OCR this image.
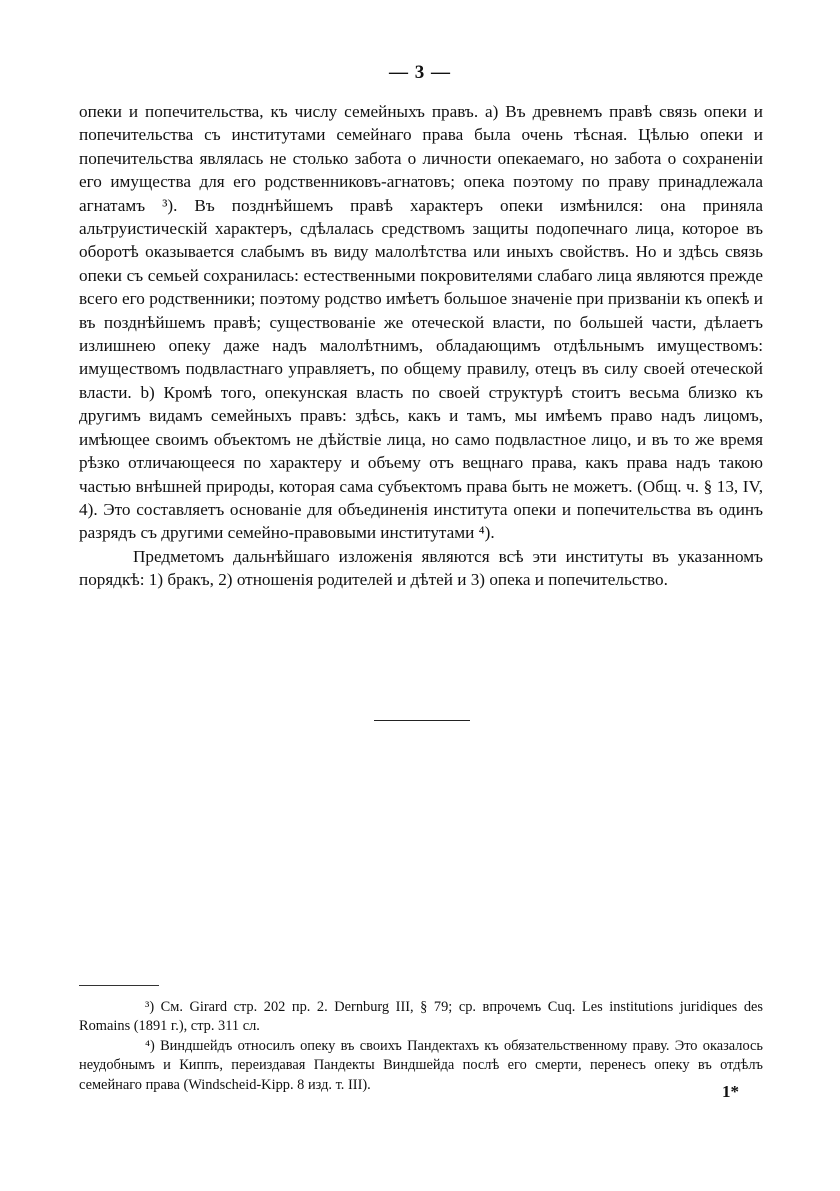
— 3 —

опеки и попечительства, къ числу семейныхъ правъ. a) Въ древнемъ правѣ связь опеки и попечительства съ институтами семейнаго права была очень тѣсная. Цѣлью опеки и попечительства являлась не столько забота о личности опекаемаго, но забота о сохраненiи его имущества для его родственниковъ-агнатовъ; опека поэтому по праву принадлежала агнатамъ ³). Въ позднѣйшемъ правѣ характеръ опеки измѣнился: она приняла альтруистическiй характеръ, сдѣлалась средствомъ защиты подопечнаго лица, которое въ оборотѣ оказывается слабымъ въ виду малолѣтства или иныхъ свойствъ. Но и здѣсь связь опеки съ семьей сохранилась: естественными покровителями слабаго лица являются прежде всего его родственники; поэтому родство имѣетъ большое значенiе при призванiи къ опекѣ и въ позднѣйшемъ правѣ; существованiе же отеческой власти, по большей части, дѣлаетъ излишнею опеку даже надъ малолѣтнимъ, обладающимъ отдѣльнымъ имуществомъ: имуществомъ подвластнаго управляетъ, по общему правилу, отецъ въ силу своей отеческой власти. b) Кромѣ того, опекунская власть по своей структурѣ стоитъ весьма близко къ другимъ видамъ семейныхъ правъ: здѣсь, какъ и тамъ, мы имѣемъ право надъ лицомъ, имѣющее своимъ объектомъ не дѣйствiе лица, но само подвластное лицо, и въ то же время рѣзко отличающееся по характеру и объему отъ вещнаго права, какъ права надъ такою частью внѣшней природы, которая сама субъектомъ права быть не можетъ. (Общ. ч. § 13, IV, 4). Это составляетъ основанiе для объединенiя института опеки и попечительства въ одинъ разрядъ съ другими семейно-правовыми институтами ⁴).

Предметомъ дальнѣйшаго изложенiя являются всѣ эти институты въ указанномъ порядкѣ: 1) бракъ, 2) отношенiя родителей и дѣтей и 3) опека и попечительство.

³) См. Girard стр. 202 пр. 2. Dernburg III, § 79; ср. впрочемъ Cuq. Les institutions juridiques des Romains (1891 г.), стр. 311 сл.

⁴) Виндшейдъ относилъ опеку въ своихъ Пандектахъ къ обязательственному праву. Это оказалось неудобнымъ и Киппъ, переиздавая Пандекты Виндшейда послѣ его смерти, перенесъ опеку въ отдѣлъ семейнаго права (Windscheid-Kipp. 8 изд. т. III).	1*
